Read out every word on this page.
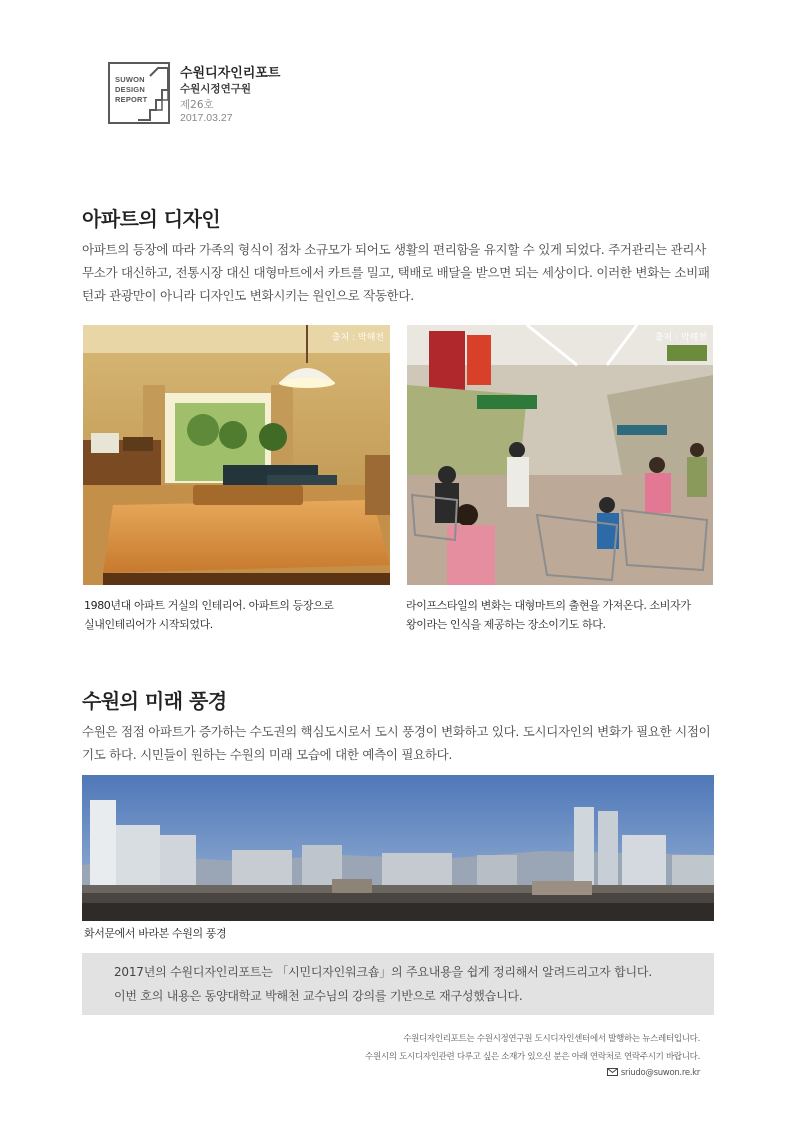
SUWON
DESIGN
REPORT
수원디자인리포트
수원시정연구원
제26호
2017.03.27
아파트의 디자인

아파트의 등장에 따라 가족의 형식이 점차 소규모가 되어도 생활의 편리함을 유지할 수 있게 되었다. 주거관리는 관리사무소가 대신하고, 전통시장 대신 대형마트에서 카트를 밀고, 택배로 배달을 받으면 되는 세상이다. 이러한 변화는 소비패턴과 관광만이 아니라 디자인도 변화시키는 원인으로 작동한다.

출처 : 박해천
1980년대 아파트 거실의 인테리어. 아파트의 등장으로
실내인테리어가 시작되었다.
출처 : 박해천
라이프스타일의 변화는 대형마트의 출현을 가져온다. 소비자가
왕이라는 인식을 제공하는 장소이기도 하다.
수원의 미래 풍경

수원은 점점 아파트가 증가하는 수도권의 핵심도시로서 도시 풍경이 변화하고 있다. 도시디자인의 변화가 필요한 시점이기도 하다. 시민들이 원하는 수원의 미래 모습에 대한 예측이 필요하다.

화서문에서 바라본 수원의 풍경
2017년의 수원디자인리포트는 「시민디자인워크숍」의 주요내용을 쉽게 정리해서 알려드리고자 합니다.
이번 호의 내용은 동양대학교 박해천 교수님의 강의를 기반으로 재구성했습니다.
수원디자인리포트는 수원시정연구원 도시디자인센터에서 발행하는 뉴스레터입니다.
수원시의 도시디자인관련 다루고 싶은 소재가 있으신 분은 아래 연락처로 연락주시기 바랍니다.
sriudo@suwon.re.kr
